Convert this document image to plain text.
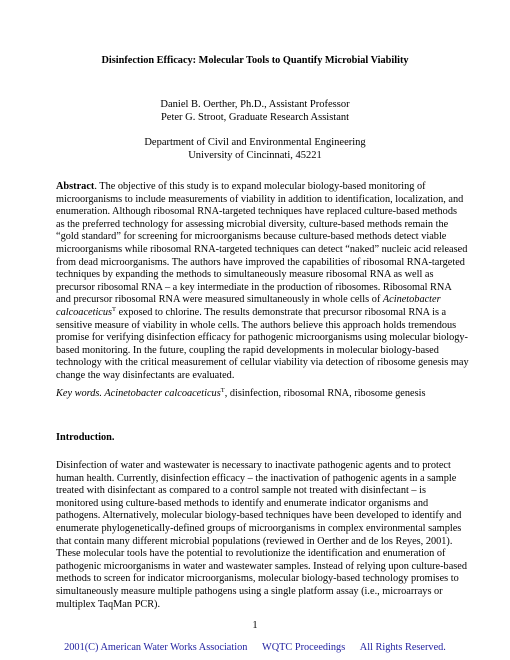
Disinfection Efficacy: Molecular Tools to Quantify Microbial Viability
Daniel B. Oerther, Ph.D., Assistant Professor
Peter G. Stroot, Graduate Research Assistant
Department of Civil and Environmental Engineering
University of Cincinnati, 45221
Abstract. The objective of this study is to expand molecular biology-based monitoring of
microorganisms to include measurements of viability in addition to identification, localization, and
enumeration. Although ribosomal RNA-targeted techniques have replaced culture-based methods
as the preferred technology for assessing microbial diversity, culture-based methods remain the
“gold standard” for screening for microorganisms because culture-based methods detect viable
microorganisms while ribosomal RNA-targeted techniques can detect “naked” nucleic acid released
from dead microorganisms. The authors have improved the capabilities of ribosomal RNA-targeted
techniques by expanding the methods to simultaneously measure ribosomal RNA as well as
precursor ribosomal RNA – a key intermediate in the production of ribosomes. Ribosomal RNA
and precursor ribosomal RNA were measured simultaneously in whole cells of Acinetobacter
calcoaceticus$^T$ exposed to chlorine. The results demonstrate that precursor ribosomal RNA is a
sensitive measure of viability in whole cells. The authors believe this approach holds tremendous
promise for verifying disinfection efficacy for pathogenic microorganisms using molecular biology-
based monitoring. In the future, coupling the rapid developments in molecular biology-based
technology with the critical measurement of cellular viability via detection of ribosome genesis may
change the way disinfectants are evaluated.
Key words. Acinetobacter calcoaceticus$^T$, disinfection, ribosomal RNA, ribosome genesis
Introduction.
Disinfection of water and wastewater is necessary to inactivate pathogenic agents and to protect
human health. Currently, disinfection efficacy – the inactivation of pathogenic agents in a sample
treated with disinfectant as compared to a control sample not treated with disinfectant – is
monitored using culture-based methods to identify and enumerate indicator organisms and
pathogens. Alternatively, molecular biology-based techniques have been developed to identify and
enumerate phylogenetically-defined groups of microorganisms in complex environmental samples
that contain many different microbial populations (reviewed in Oerther and de los Reyes, 2001).
These molecular tools have the potential to revolutionize the identification and enumeration of
pathogenic microorganisms in water and wastewater samples. Instead of relying upon culture-based
methods to screen for indicator microorganisms, molecular biology-based technology promises to
simultaneously measure multiple pathogens using a single platform assay (i.e., microarrays or
multiplex TaqMan PCR).
1
2001(C) American Water Works Association WQTC Proceedings All Rights Reserved.
